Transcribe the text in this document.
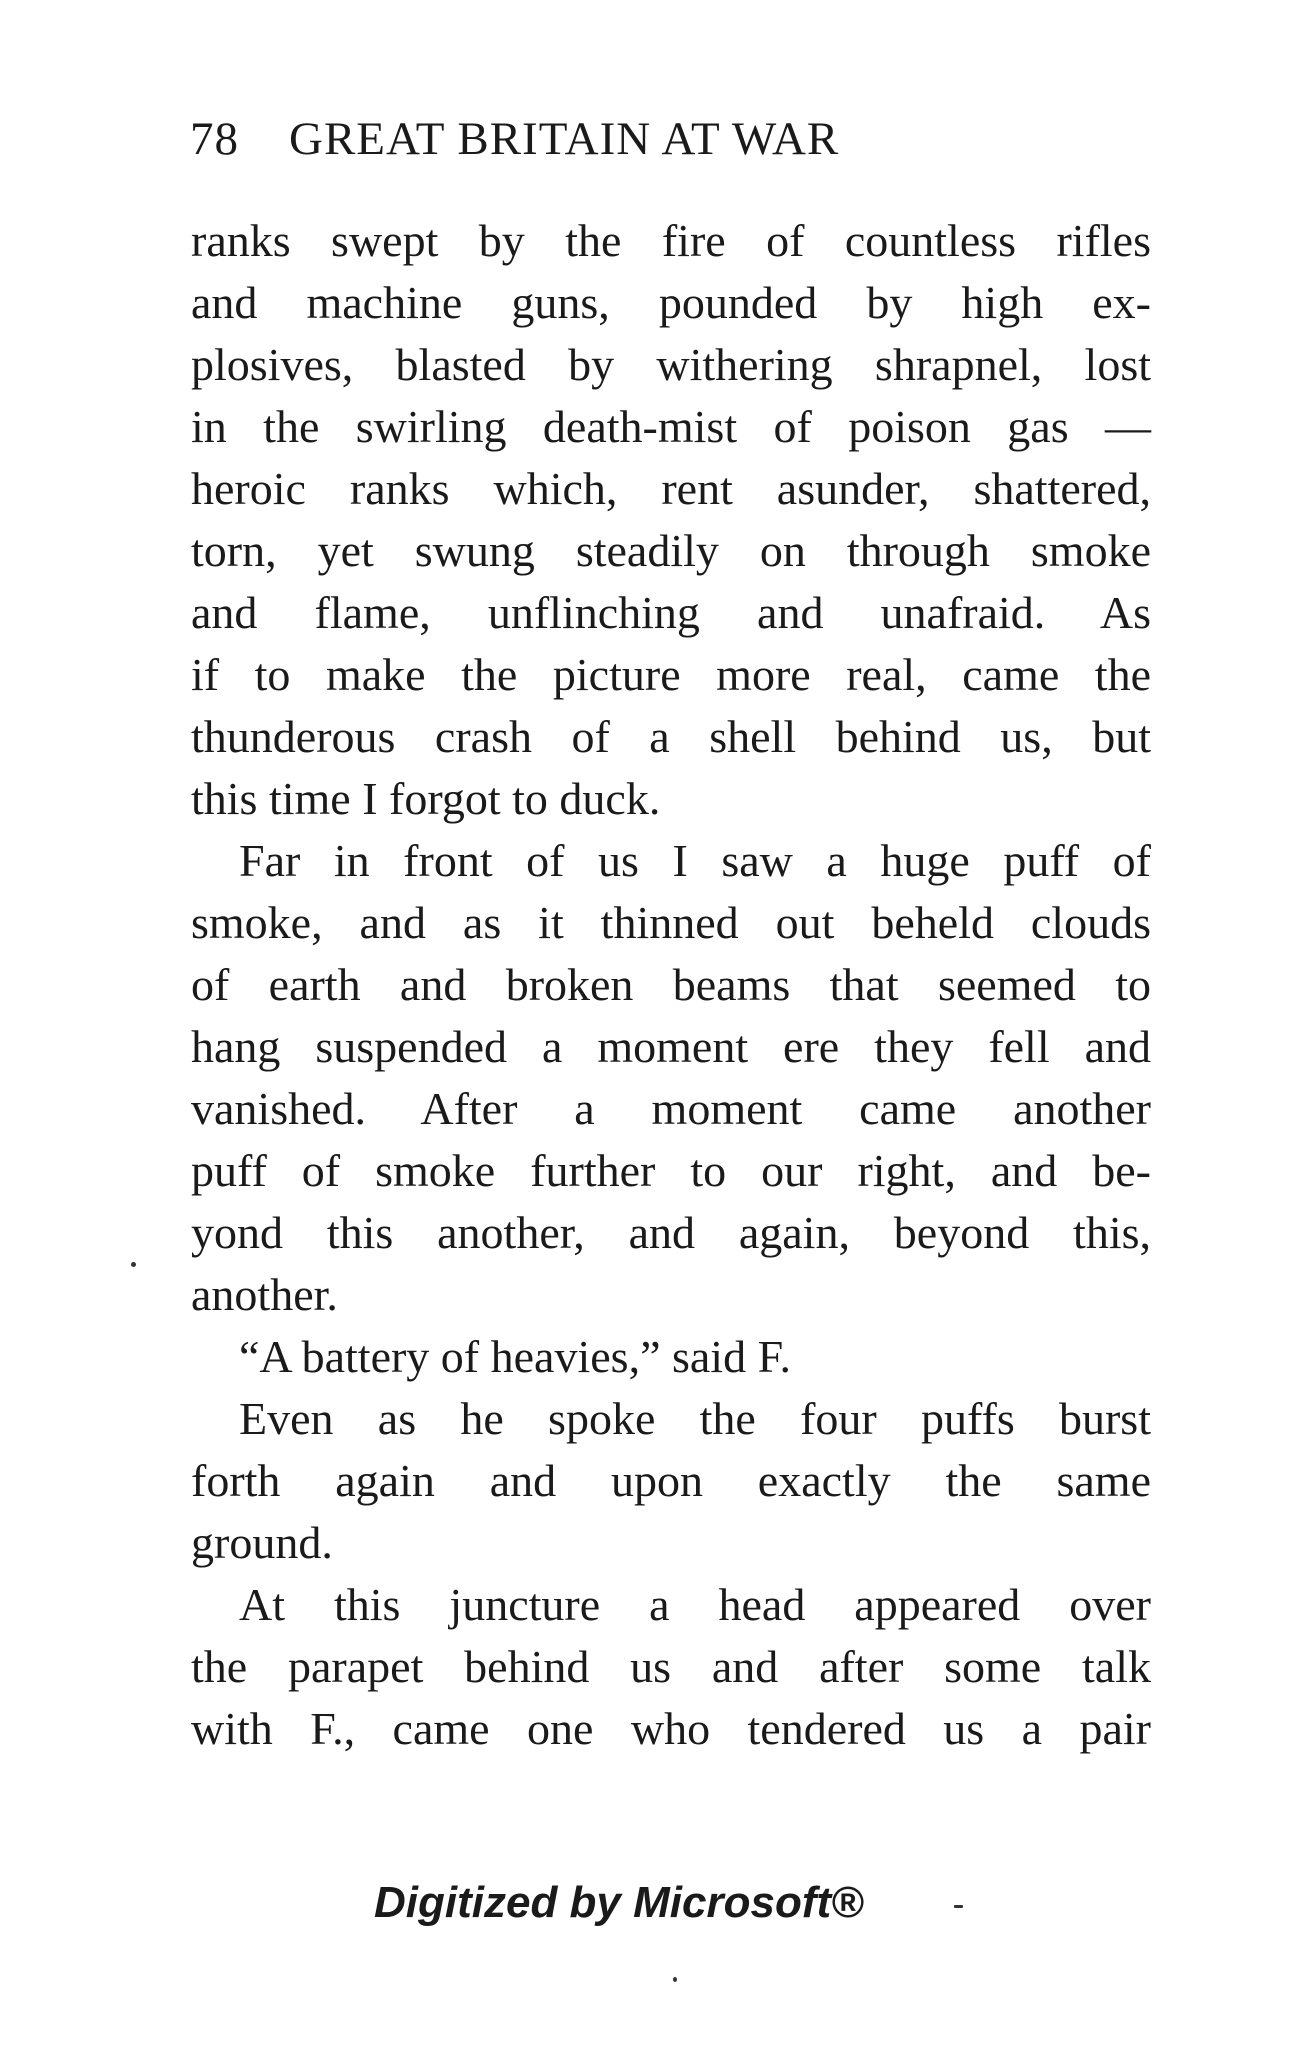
78 GREAT BRITAIN AT WAR
ranks swept by the fire of countless rifles
and machine guns, pounded by high ex-
plosives, blasted by withering shrapnel, lost
in the swirling death-mist of poison gas —
heroic ranks which, rent asunder, shattered,
torn, yet swung steadily on through smoke
and flame, unflinching and unafraid. As
if to make the picture more real, came the
thunderous crash of a shell behind us, but
this time I forgot to duck.
Far in front of us I saw a huge puff of
smoke, and as it thinned out beheld clouds
of earth and broken beams that seemed to
hang suspended a moment ere they fell and
vanished. After a moment came another
puff of smoke further to our right, and be-
yond this another, and again, beyond this,
another.
“A battery of heavies,” said F.
Even as he spoke the four puffs burst
forth again and upon exactly the same
ground.
At this juncture a head appeared over
the parapet behind us and after some talk
with F., came one who tendered us a pair
Digitized by Microsoft®
